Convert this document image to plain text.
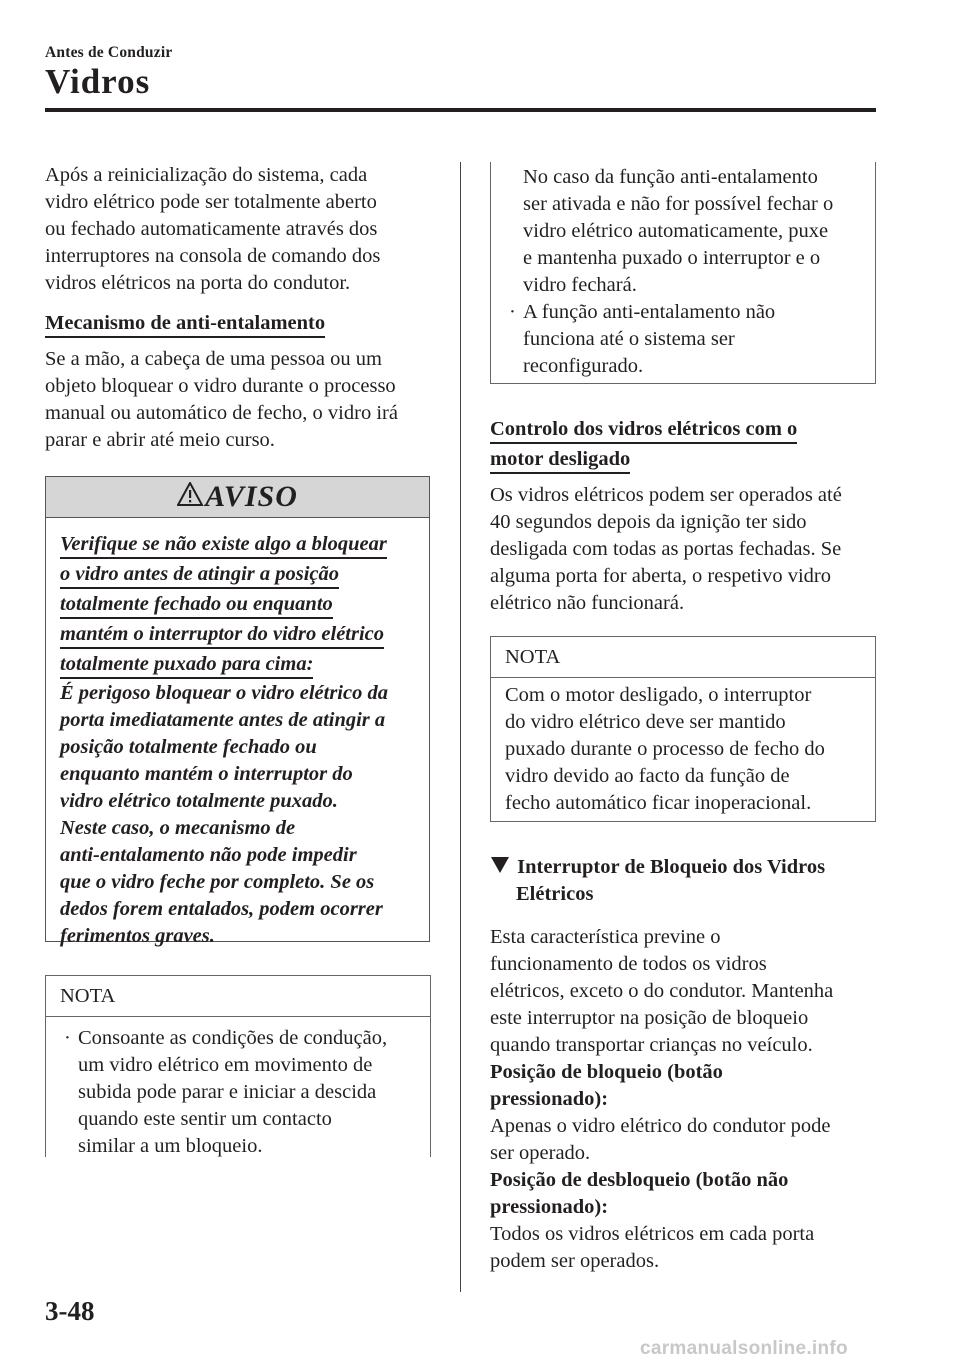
Antes de Conduzir
Vidros

Após a reinicialização do sistema, cada

vidro elétrico pode ser totalmente aberto

ou fechado automaticamente através dos

interruptores na consola de comando dos

vidros elétricos na porta do condutor.

Mecanismo de anti-entalamento

Se a mão, a cabeça de uma pessoa ou um

objeto bloquear o vidro durante o processo

manual ou automático de fecho, o vidro irá

parar e abrir até meio curso.

AVISO
Verifique se não existe algo a bloquear
o vidro antes de atingir a posição
totalmente fechado ou enquanto
mantém o interruptor do vidro elétrico
totalmente puxado para cima:

É perigoso bloquear o vidro elétrico da

porta imediatamente antes de atingir a

posição totalmente fechado ou

enquanto mantém o interruptor do

vidro elétrico totalmente puxado.

Neste caso, o mecanismo de

anti-entalamento não pode impedir

que o vidro feche por completo. Se os

dedos forem entalados, podem ocorrer

ferimentos graves.

NOTA
· Consoante as condições de condução,

um vidro elétrico em movimento de

subida pode parar e iniciar a descida

quando este sentir um contacto

similar a um bloqueio.

No caso da função anti-entalamento

ser ativada e não for possível fechar o

vidro elétrico automaticamente, puxe

e mantenha puxado o interruptor e o

vidro fechará.

· A função anti-entalamento não

funciona até o sistema ser

reconfigurado.

Controlo dos vidros elétricos com o
motor desligado

Os vidros elétricos podem ser operados até

40 segundos depois da ignição ter sido

desligada com todas as portas fechadas. Se

alguma porta for aberta, o respetivo vidro

elétrico não funcionará.

NOTA

Com o motor desligado, o interruptor

do vidro elétrico deve ser mantido

puxado durante o processo de fecho do

vidro devido ao facto da função de

fecho automático ficar inoperacional.

Interruptor de Bloqueio dos Vidros
Elétricos

Esta característica previne o

funcionamento de todos os vidros

elétricos, exceto o do condutor. Mantenha

este interruptor na posição de bloqueio

quando transportar crianças no veículo.

Posição de bloqueio (botão

pressionado):

Apenas o vidro elétrico do condutor pode

ser operado.

Posição de desbloqueio (botão não

pressionado):

Todos os vidros elétricos em cada porta

podem ser operados.

3-48
carmanualsonline.info
